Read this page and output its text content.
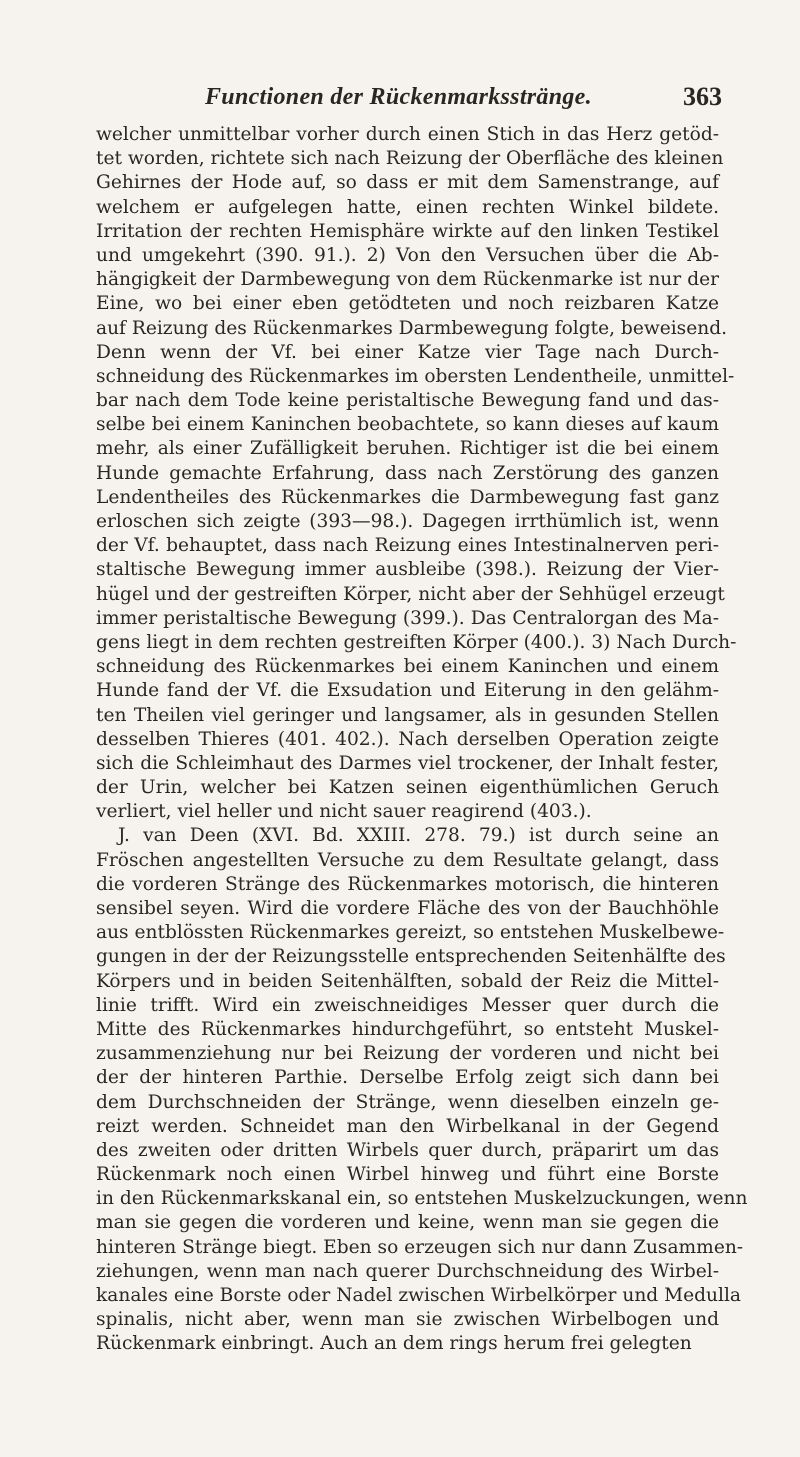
Functionen der Rückenmarksstränge.	363
welcher unmittelbar vorher durch einen Stich in das Herz getöd-
tet worden, richtete sich nach Reizung der Oberfläche des kleinen
Gehirnes der Hode auf, so dass er mit dem Samenstrange, auf
welchem er aufgelegen hatte, einen rechten Winkel bildete.
Irritation der rechten Hemisphäre wirkte auf den linken Testikel
und umgekehrt (390. 91.). 2) Von den Versuchen über die Ab-
hängigkeit der Darmbewegung von dem Rückenmarke ist nur der
Eine, wo bei einer eben getödteten und noch reizbaren Katze
auf Reizung des Rückenmarkes Darmbewegung folgte, beweisend.
Denn wenn der Vf. bei einer Katze vier Tage nach Durch-
schneidung des Rückenmarkes im obersten Lendentheile, unmittel-
bar nach dem Tode keine peristaltische Bewegung fand und das-
selbe bei einem Kaninchen beobachtete, so kann dieses auf kaum
mehr, als einer Zufälligkeit beruhen. Richtiger ist die bei einem
Hunde gemachte Erfahrung, dass nach Zerstörung des ganzen
Lendentheiles des Rückenmarkes die Darmbewegung fast ganz
erloschen sich zeigte (393—98.). Dagegen irrthümlich ist, wenn
der Vf. behauptet, dass nach Reizung eines Intestinalnerven peri-
staltische Bewegung immer ausbleibe (398.). Reizung der Vier-
hügel und der gestreiften Körper, nicht aber der Sehhügel erzeugt
immer peristaltische Bewegung (399.). Das Centralorgan des Ma-
gens liegt in dem rechten gestreiften Körper (400.). 3) Nach Durch-
schneidung des Rückenmarkes bei einem Kaninchen und einem
Hunde fand der Vf. die Exsudation und Eiterung in den gelähm-
ten Theilen viel geringer und langsamer, als in gesunden Stellen
desselben Thieres (401. 402.). Nach derselben Operation zeigte
sich die Schleimhaut des Darmes viel trockener, der Inhalt fester,
der Urin, welcher bei Katzen seinen eigenthümlichen Geruch
verliert, viel heller und nicht sauer reagirend (403.).
J. van Deen (XVI. Bd. XXIII. 278. 79.) ist durch seine an
Fröschen angestellten Versuche zu dem Resultate gelangt, dass
die vorderen Stränge des Rückenmarkes motorisch, die hinteren
sensibel seyen. Wird die vordere Fläche des von der Bauchhöhle
aus entblössten Rückenmarkes gereizt, so entstehen Muskelbewe-
gungen in der der Reizungsstelle entsprechenden Seitenhälfte des
Körpers und in beiden Seitenhälften, sobald der Reiz die Mittel-
linie trifft. Wird ein zweischneidiges Messer quer durch die
Mitte des Rückenmarkes hindurchgeführt, so entsteht Muskel-
zusammenziehung nur bei Reizung der vorderen und nicht bei
der der hinteren Parthie. Derselbe Erfolg zeigt sich dann bei
dem Durchschneiden der Stränge, wenn dieselben einzeln ge-
reizt werden. Schneidet man den Wirbelkanal in der Gegend
des zweiten oder dritten Wirbels quer durch, präparirt um das
Rückenmark noch einen Wirbel hinweg und führt eine Borste
in den Rückenmarkskanal ein, so entstehen Muskelzuckungen, wenn
man sie gegen die vorderen und keine, wenn man sie gegen die
hinteren Stränge biegt. Eben so erzeugen sich nur dann Zusammen-
ziehungen, wenn man nach querer Durchschneidung des Wirbel-
kanales eine Borste oder Nadel zwischen Wirbelkörper und Medulla
spinalis, nicht aber, wenn man sie zwischen Wirbelbogen und
Rückenmark einbringt. Auch an dem rings herum frei gelegten
